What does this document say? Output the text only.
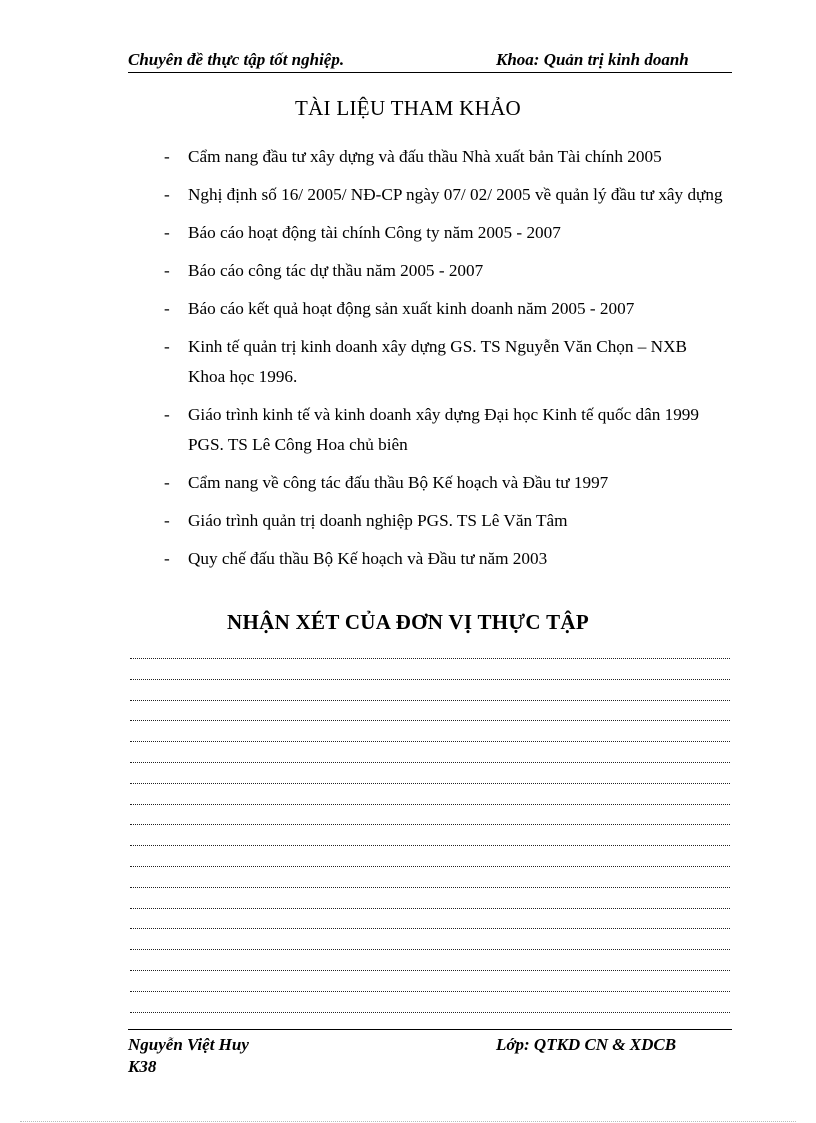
Chuyên đề thực tập tốt nghiệp.	Khoa: Quản trị kinh doanh
TÀI LIỆU THAM KHẢO
- Cẩm nang đầu tư xây dựng và đấu thầu Nhà xuất bản Tài chính 2005
- Nghị định số 16/ 2005/ NĐ-CP ngày 07/ 02/ 2005 về quản lý đầu tư xây dựng
- Báo cáo hoạt động tài chính Công ty năm 2005 - 2007
- Báo cáo công tác dự thầu năm 2005 - 2007
- Báo cáo kết quả hoạt động sản xuất kinh doanh năm 2005 - 2007
- Kinh tế quản trị kinh doanh xây dựng GS. TS Nguyễn Văn Chọn – NXB Khoa học 1996.
- Giáo trình kinh tế và kinh doanh xây dựng Đại học Kinh tế quốc dân 1999 PGS. TS Lê Công Hoa chủ biên
- Cẩm nang về công tác đấu thầu Bộ Kế hoạch và Đầu tư 1997
- Giáo trình quản trị doanh nghiệp PGS. TS Lê Văn Tâm
- Quy chế đấu thầu Bộ Kế hoạch và Đầu tư năm 2003
NHẬN XÉT CỦA ĐƠN VỊ THỰC TẬP
Nguyễn Việt Huy	Lớp: QTKD CN & XDCB
K38
